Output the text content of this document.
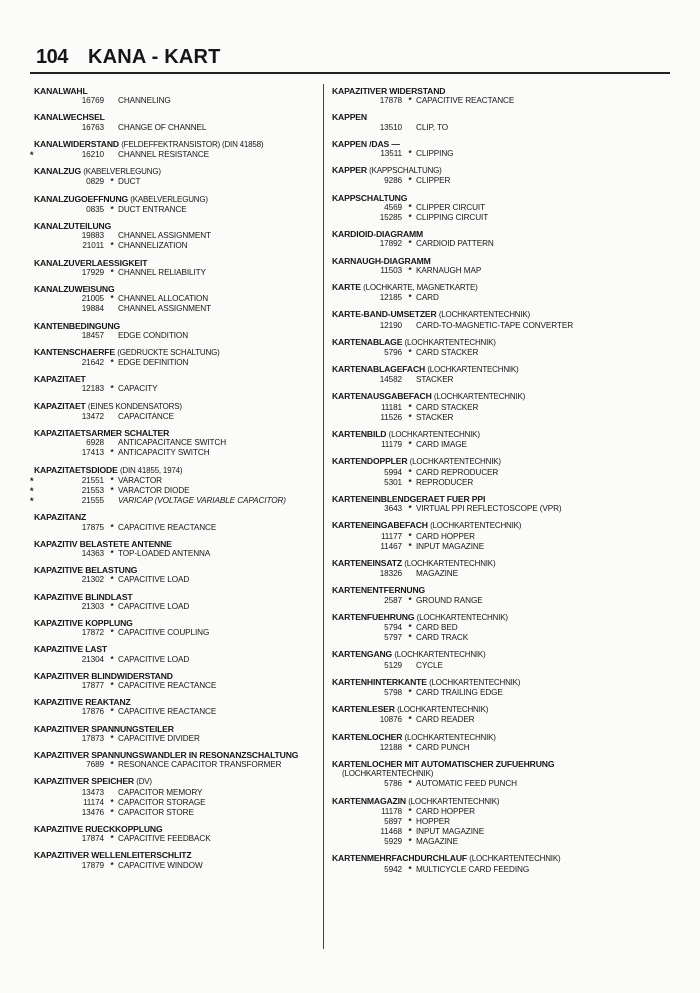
104 KANA - KART
KANALWAHL
16769 CHANNELING
KANALWECHSEL
16763 CHANGE OF CHANNEL
KANALWIDERSTAND (FELDEFFEKTRANSISTOR) (DIN 41858)
*	16210 CHANNEL RESISTANCE
KANALZUG (KABELVERLEGUNG)
0829 * DUCT
KANALZUGOEFFNUNG (KABELVERLEGUNG)
0835 * DUCT ENTRANCE
KANALZUTEILUNG
19883 CHANNEL ASSIGNMENT
21011 * CHANNELIZATION
KANALZUVERLAESSIGKEIT
17929 * CHANNEL RELIABILITY
KANALZUWEISUNG
21005 * CHANNEL ALLOCATION
19884 CHANNEL ASSIGNMENT
KANTENBEDINGUNG
18457 EDGE CONDITION
KANTENSCHAERFE (GEDRUCKTE SCHALTUNG)
21642 * EDGE DEFINITION
KAPAZITAET
12183 * CAPACITY
KAPAZITAET (EINES KONDENSATORS)
13472 CAPACITANCE
KAPAZITAETSARMER SCHALTER
6928 ANTICAPACITANCE SWITCH
17413 * ANTICAPACITY SWITCH
KAPAZITAETSDIODE (DIN 41855, 1974)
*	21551 * VARACTOR
*	21553 * VARACTOR DIODE
*	21555 VARICAP (VOLTAGE VARIABLE CAPACITOR)
KAPAZITANZ
17875 * CAPACITIVE REACTANCE
KAPAZITIV BELASTETE ANTENNE
14363 * TOP-LOADED ANTENNA
KAPAZITIVE BELASTUNG
21302 * CAPACITIVE LOAD
KAPAZITIVE BLINDLAST
21303 * CAPACITIVE LOAD
KAPAZITIVE KOPPLUNG
17872 * CAPACITIVE COUPLING
KAPAZITIVE LAST
21304 * CAPACITIVE LOAD
KAPAZITIVER BLINDWIDERSTAND
17877 * CAPACITIVE REACTANCE
KAPAZITIVE REAKTANZ
17876 * CAPACITIVE REACTANCE
KAPAZITIVER SPANNUNGSTEILER
17873 * CAPACITIVE DIVIDER
KAPAZITIVER SPANNUNGSWANDLER IN RESONANZSCHALTUNG
7689 * RESONANCE CAPACITOR TRANSFORMER
KAPAZITIVER SPEICHER (DV)
13473 CAPACITOR MEMORY
11174 * CAPACITOR STORAGE
13476 * CAPACITOR STORE
KAPAZITIVE RUECKKOPPLUNG
17874 * CAPACITIVE FEEDBACK
KAPAZITIVER WELLENLEITERSCHLITZ
17879 * CAPACITIVE WINDOW
KAPAZITIVER WIDERSTAND
17878 * CAPACITIVE REACTANCE
KAPPEN
13510 CLIP, TO
KAPPEN /DAS —
13511 * CLIPPING
KAPPER (KAPPSCHALTUNG)
9286 * CLIPPER
KAPPSCHALTUNG
4569 * CLIPPER CIRCUIT
15285 * CLIPPING CIRCUIT
KARDIOID-DIAGRAMM
17892 * CARDIOID PATTERN
KARNAUGH-DIAGRAMM
11503 * KARNAUGH MAP
KARTE (LOCHKARTE, MAGNETKARTE)
12185 * CARD
KARTE-BAND-UMSETZER (LOCHKARTENTECHNIK)
12190 CARD-TO-MAGNETIC-TAPE CONVERTER
KARTENABLAGE (LOCHKARTENTECHNIK)
5796 * CARD STACKER
KARTENABLAGEFACH (LOCHKARTENTECHNIK)
14582 STACKER
KARTENAUSGABEFACH (LOCHKARTENTECHNIK)
11181 * CARD STACKER
11526 * STACKER
KARTENBILD (LOCHKARTENTECHNIK)
11179 * CARD IMAGE
KARTENDOPPLER (LOCHKARTENTECHNIK)
5994 * CARD REPRODUCER
5301 * REPRODUCER
KARTENEINBLENDGERAET FUER PPI
3643 * VIRTUAL PPI REFLECTOSCOPE (VPR)
KARTENEINGABEFACH (LOCHKARTENTECHNIK)
11177 * CARD HOPPER
11467 * INPUT MAGAZINE
KARTENEINSATZ (LOCHKARTENTECHNIK)
18326 MAGAZINE
KARTENENTFERNUNG
2587 * GROUND RANGE
KARTENFUEHRUNG (LOCHKARTENTECHNIK)
5794 * CARD BED
5797 * CARD TRACK
KARTENGANG (LOCHKARTENTECHNIK)
5129 CYCLE
KARTENHINTERKANTE (LOCHKARTENTECHNIK)
5798 * CARD TRAILING EDGE
KARTENLESER (LOCHKARTENTECHNIK)
10876 * CARD READER
KARTENLOCHER (LOCHKARTENTECHNIK)
12188 * CARD PUNCH
KARTENLOCHER MIT AUTOMATISCHER ZUFUEHRUNG
(LOCHKARTENTECHNIK)
5786 * AUTOMATIC FEED PUNCH
KARTENMAGAZIN (LOCHKARTENTECHNIK)
11178 * CARD HOPPER
5897 * HOPPER
11468 * INPUT MAGAZINE
5929 * MAGAZINE
KARTENMEHRFACHDURCHLAUF (LOCHKARTENTECHNIK)
5942 * MULTICYCLE CARD FEEDING
